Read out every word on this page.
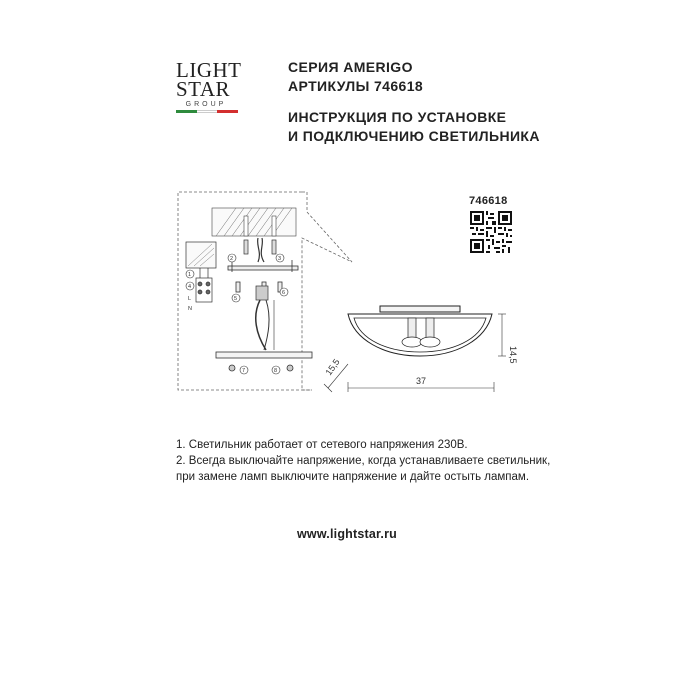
LIGHT
STAR
GROUP
СЕРИЯ AMERIGO
АРТИКУЛЫ 746618
ИНСТРУКЦИЯ ПО УСТАНОВКЕ
И ПОДКЛЮЧЕНИЮ СВЕТИЛЬНИКА
746618
L
N
1
2	3
4
5
6
7	8
37
14,5
15,5
1. Светильник работает от сетевого напряжения 230В.
2. Всегда выключайте напряжение, когда устанавливаете светильник,
при замене ламп выключите напряжение и дайте остыть лампам.
www.lightstar.ru
